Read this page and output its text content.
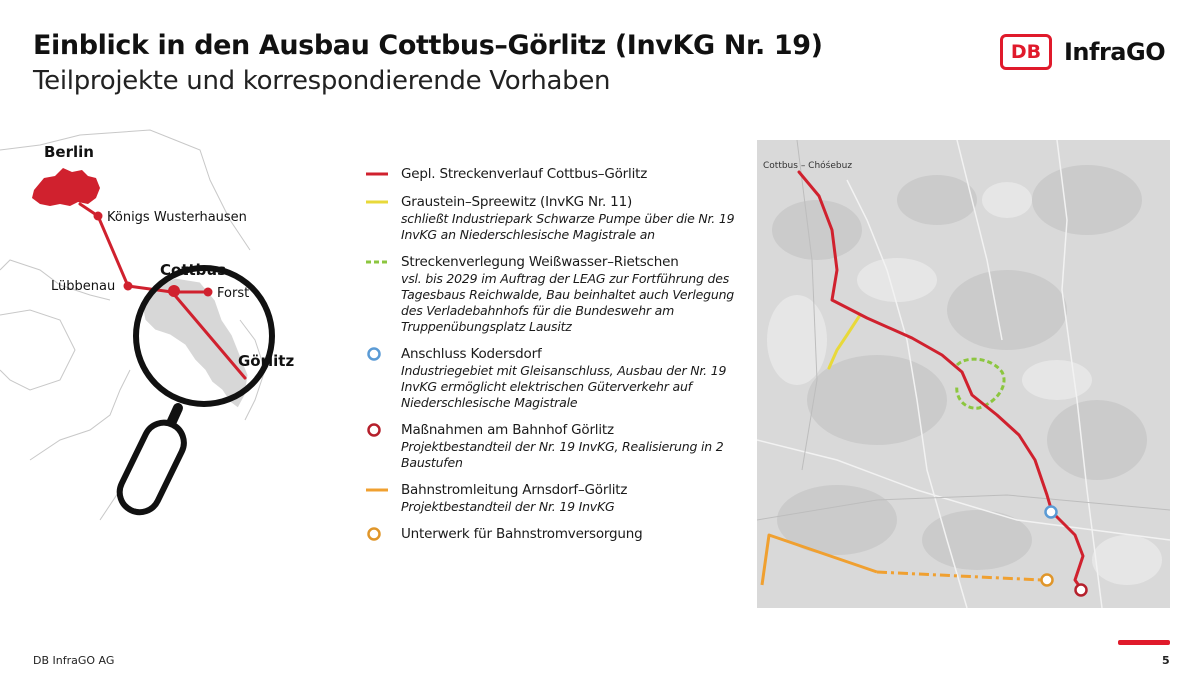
Einblick in den Ausbau Cottbus–Görlitz (InvKG Nr. 19)
Teilprojekte und korrespondierende Vorhaben
DB InfraGO
Berlin
Königs Wusterhausen
Lübbenau
Cottbus
Forst
Görlitz
Gepl. Streckenverlauf Cottbus–Görlitz
Graustein–Spreewitz (InvKG Nr. 11)
schließt Industriepark Schwarze Pumpe über die Nr. 19 InvKG an Niederschlesische Magistrale an
Streckenverlegung Weißwasser–Rietschen
vsl. bis 2029 im Auftrag der LEAG zur Fortführung des Tagesbaus Reichwalde, Bau beinhaltet auch Verlegung des Verladebahnhofs für die Bundeswehr am Truppenübungsplatz Lausitz
Anschluss Kodersdorf
Industriegebiet mit Gleisanschluss, Ausbau der Nr. 19 InvKG ermöglicht elektrischen Güterverkehr auf Niederschlesische Magistrale
Maßnahmen am Bahnhof Görlitz
Projektbestandteil der Nr. 19 InvKG, Realisierung in 2 Baustufen
Bahnstromleitung Arnsdorf–Görlitz
Projektbestandteil der Nr. 19 InvKG
Unterwerk für Bahnstromversorgung
Cottbus – Chóśebuz
DB InfraGO AG	5
